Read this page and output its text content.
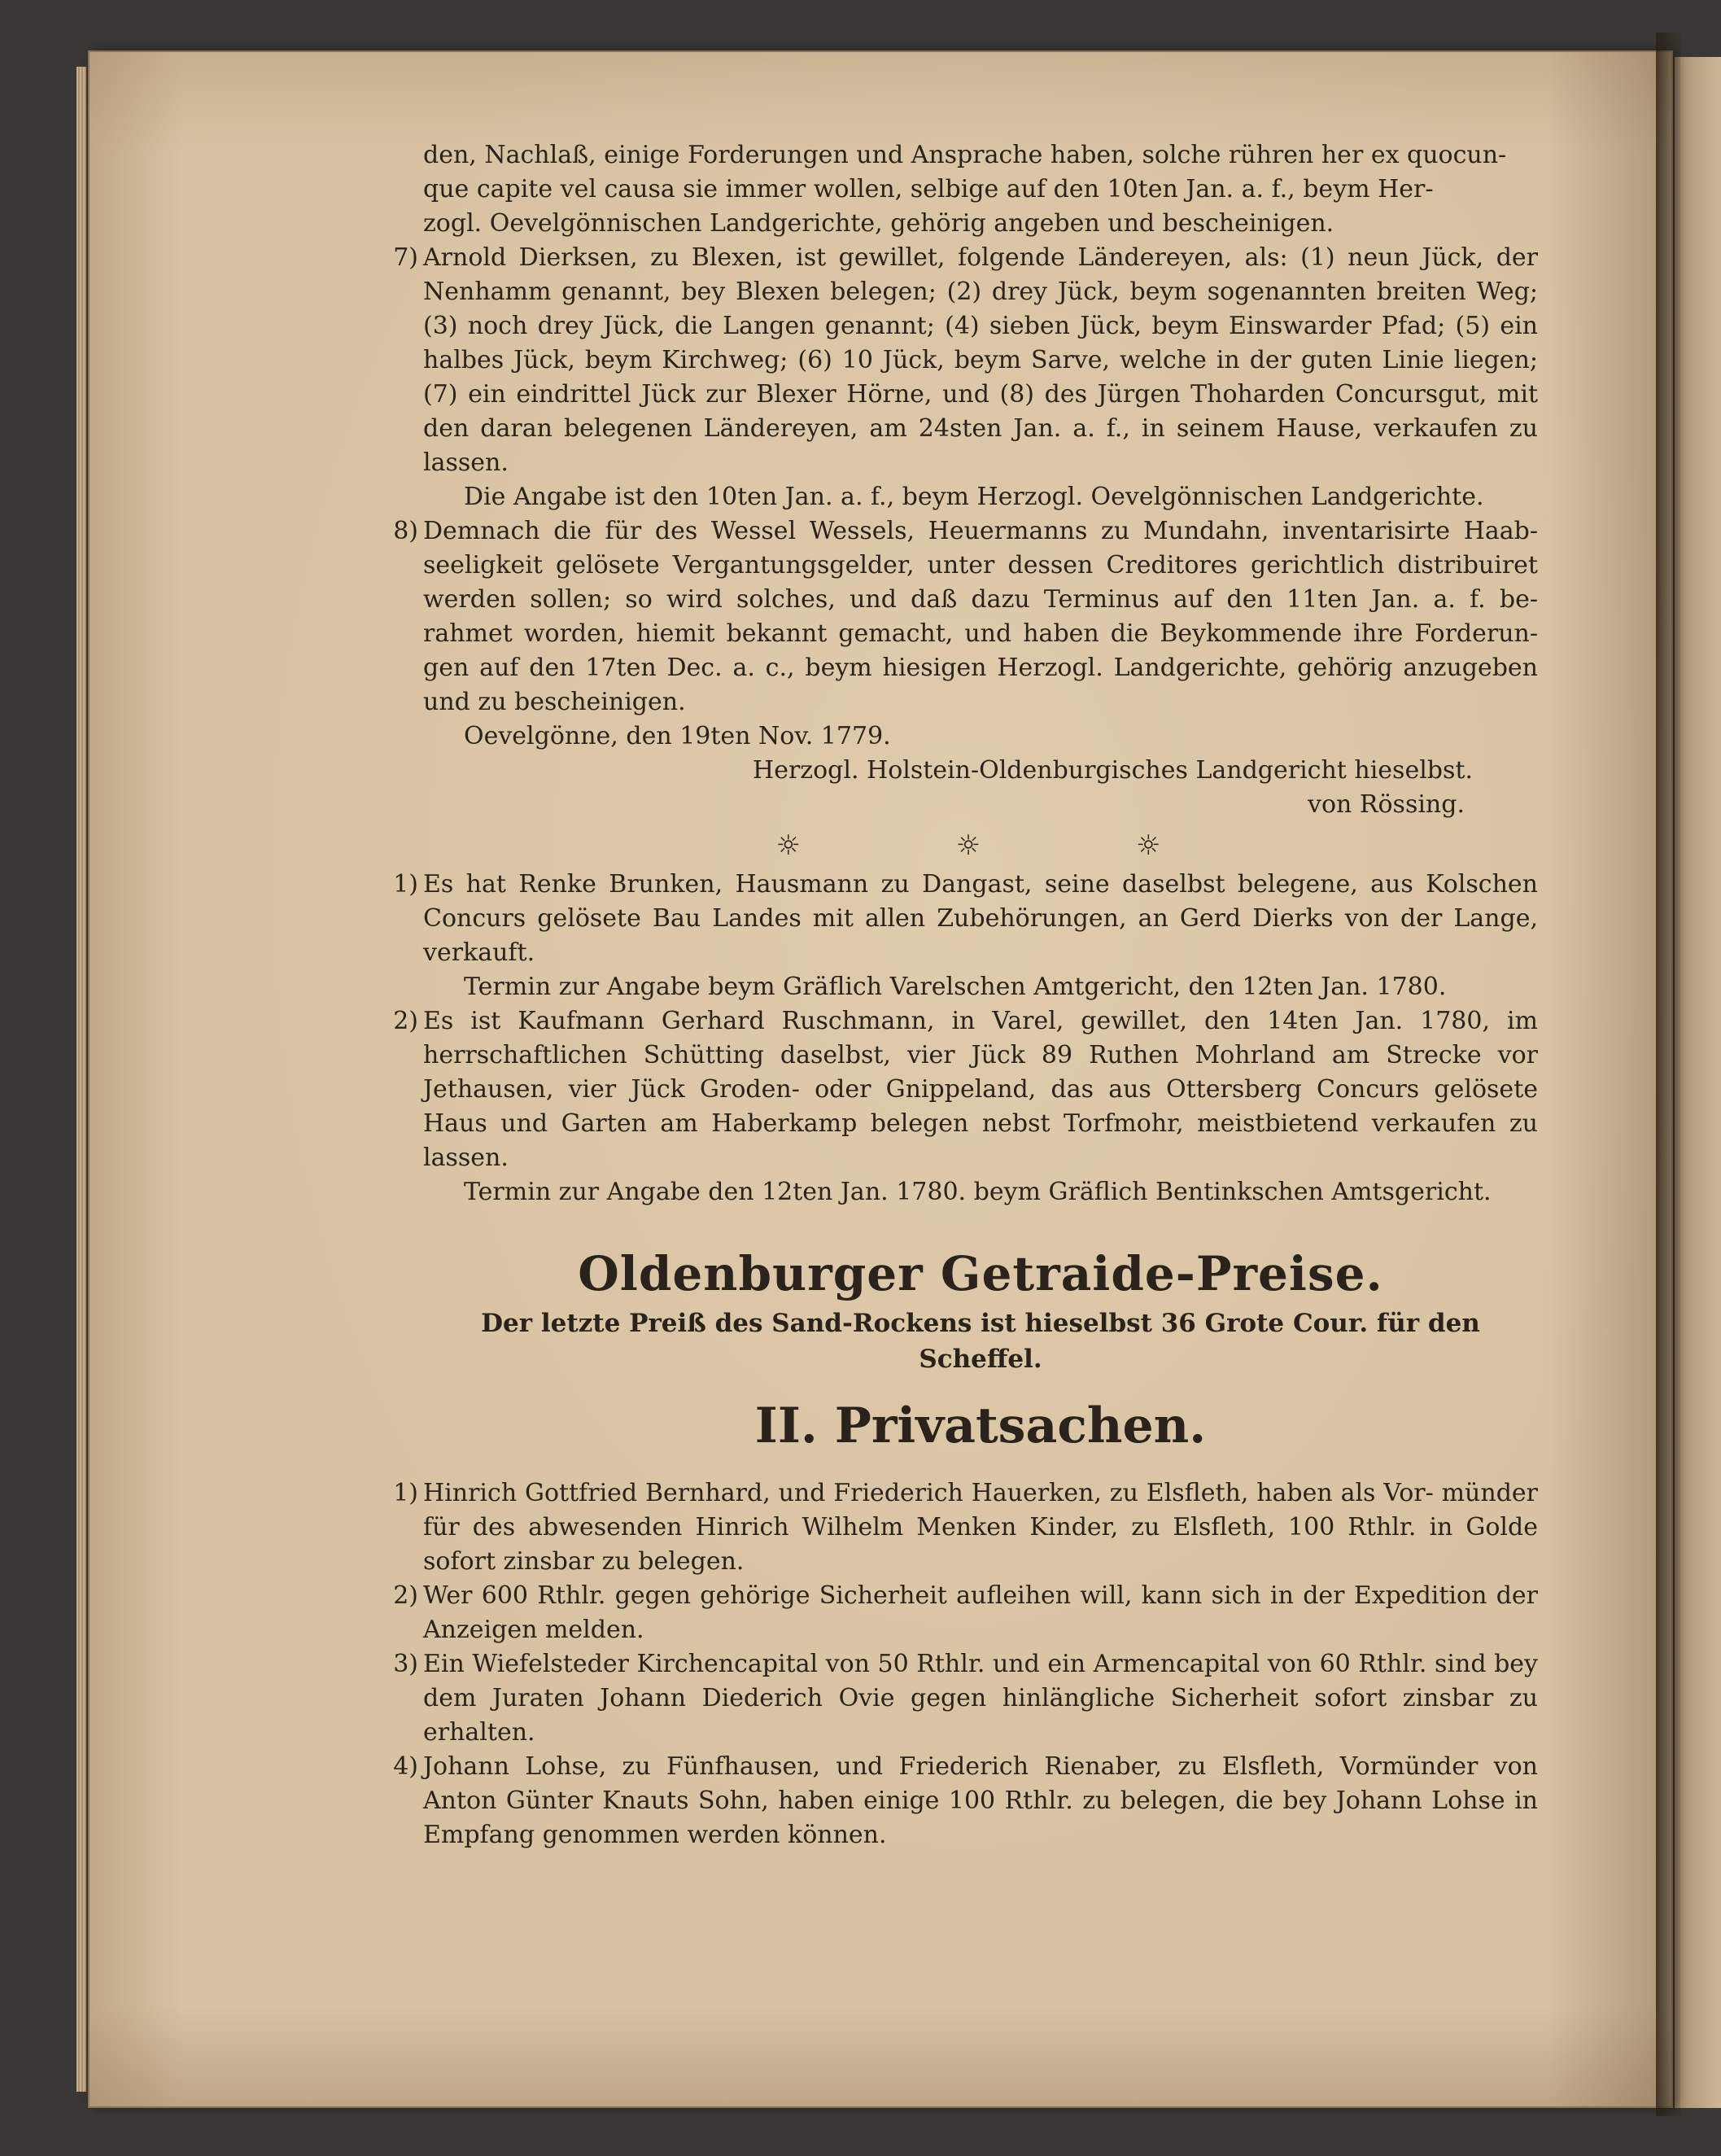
den, Nachlaß, einige Forderungen und Ansprache haben, solche rühren her ex quocun-

que capite vel causa sie immer wollen, selbige auf den 10ten Jan. a. f., beym Her-

zogl. Oevelgönnischen Landgerichte, gehörig angeben und bescheinigen.

7) Arnold Dierksen, zu Blexen, ist gewillet, folgende Ländereyen, als: (1) neun Jück, der Nenhamm genannt, bey Blexen belegen; (2) drey Jück, beym sogenannten breiten Weg; (3) noch drey Jück, die Langen genannt; (4) sieben Jück, beym Einswarder Pfad; (5) ein halbes Jück, beym Kirchweg; (6) 10 Jück, beym Sarve, welche in der guten Linie liegen; (7) ein eindrittel Jück zur Blexer Hörne, und (8) des Jürgen Thoharden Concursgut, mit den daran belegenen Ländereyen, am 24sten Jan. a. f., in seinem Hause, verkaufen zu lassen.

Die Angabe ist den 10ten Jan. a. f., beym Herzogl. Oevelgönnischen Landgerichte.

8) Demnach die für des Wessel Wessels, Heuermanns zu Mundahn, inventarisirte Haab- seeligkeit gelösete Vergantungsgelder, unter dessen Creditores gerichtlich distribuiret werden sollen; so wird solches, und daß dazu Terminus auf den 11ten Jan. a. f. be- rahmet worden, hiemit bekannt gemacht, und haben die Beykommende ihre Forderun- gen auf den 17ten Dec. a. c., beym hiesigen Herzogl. Landgerichte, gehörig anzugeben und zu bescheinigen.

Oevelgönne, den 19ten Nov. 1779.

Herzogl. Holstein-Oldenburgisches Landgericht hieselbst.

von Rössing.

☼ ☼ ☼
1) Es hat Renke Brunken, Hausmann zu Dangast, seine daselbst belegene, aus Kolschen Concurs gelösete Bau Landes mit allen Zubehörungen, an Gerd Dierks von der Lange, verkauft.

Termin zur Angabe beym Gräflich Varelschen Amtgericht, den 12ten Jan. 1780.

2) Es ist Kaufmann Gerhard Ruschmann, in Varel, gewillet, den 14ten Jan. 1780, im herrschaftlichen Schütting daselbst, vier Jück 89 Ruthen Mohrland am Strecke vor Jethausen, vier Jück Groden- oder Gnippeland, das aus Ottersberg Concurs gelösete Haus und Garten am Haberkamp belegen nebst Torfmohr, meistbietend verkaufen zu lassen.

Termin zur Angabe den 12ten Jan. 1780. beym Gräflich Bentinkschen Amtsgericht.

Oldenburger Getraide-Preise.

Der letzte Preiß des Sand-Rockens ist hieselbst 36 Grote Cour. für den Scheffel.

II. Privatsachen.
1) Hinrich Gottfried Bernhard, und Friederich Hauerken, zu Elsfleth, haben als Vor- münder für des abwesenden Hinrich Wilhelm Menken Kinder, zu Elsfleth, 100 Rthlr. in Golde sofort zinsbar zu belegen.

2) Wer 600 Rthlr. gegen gehörige Sicherheit aufleihen will, kann sich in der Expedition der Anzeigen melden.

3) Ein Wiefelsteder Kirchencapital von 50 Rthlr. und ein Armencapital von 60 Rthlr. sind bey dem Juraten Johann Diederich Ovie gegen hinlängliche Sicherheit sofort zinsbar zu erhalten.

4) Johann Lohse, zu Fünfhausen, und Friederich Rienaber, zu Elsfleth, Vormünder von Anton Günter Knauts Sohn, haben einige 100 Rthlr. zu belegen, die bey Johann Lohse in Empfang genommen werden können.
